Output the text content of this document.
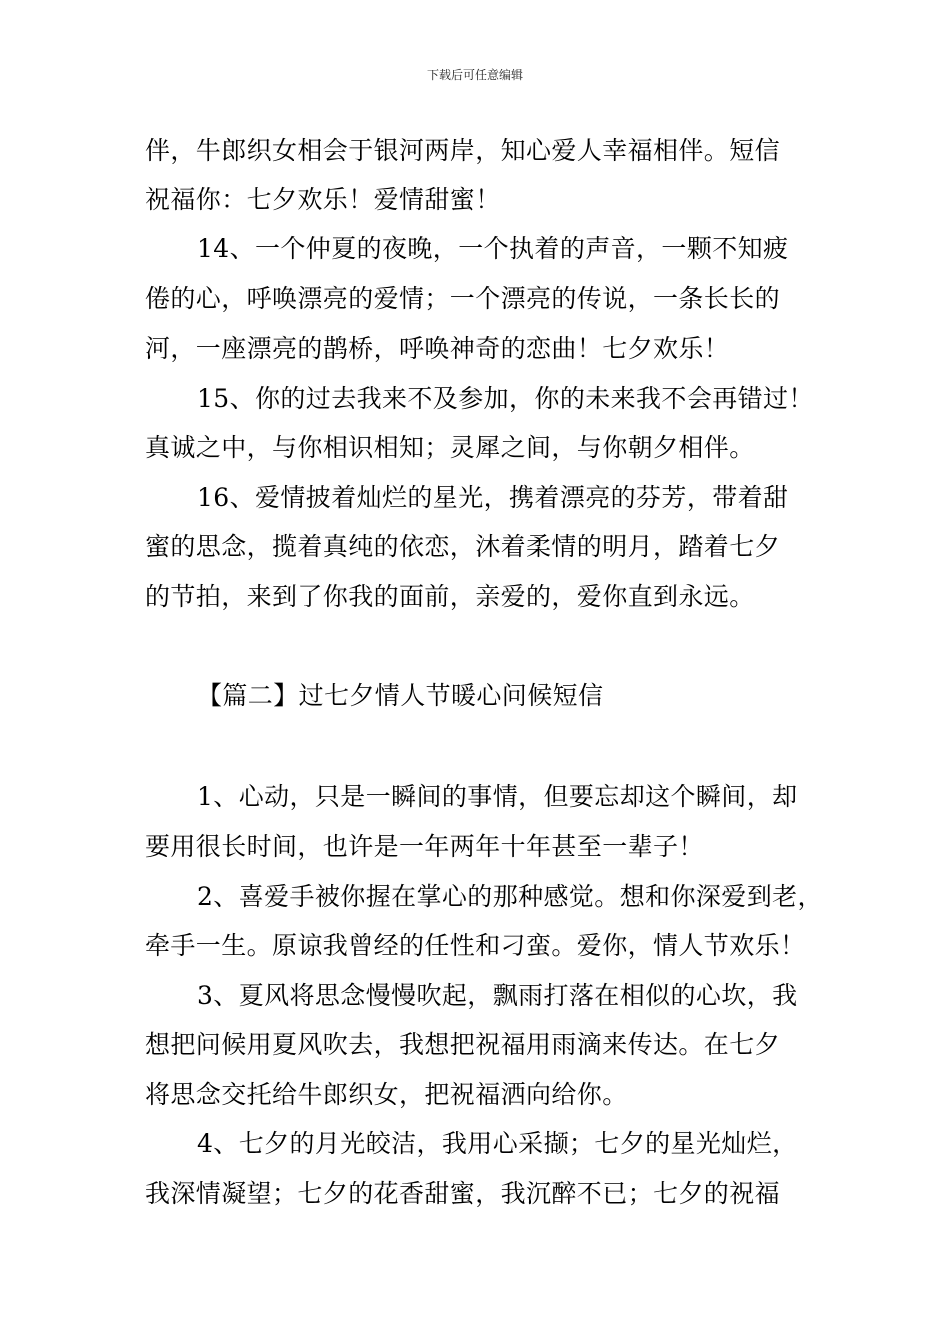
下载后可任意编辑
伴，牛郎织女相会于银河两岸，知心爱人幸福相伴。短信
祝福你：七夕欢乐！爱情甜蜜！
14、一个仲夏的夜晚，一个执着的声音，一颗不知疲
倦的心，呼唤漂亮的爱情；一个漂亮的传说，一条长长的
河，一座漂亮的鹊桥，呼唤神奇的恋曲！七夕欢乐！
15、你的过去我来不及参加，你的未来我不会再错过！
真诚之中，与你相识相知；灵犀之间，与你朝夕相伴。
16、爱情披着灿烂的星光，携着漂亮的芬芳，带着甜
蜜的思念，揽着真纯的依恋，沐着柔情的明月，踏着七夕
的节拍，来到了你我的面前，亲爱的，爱你直到永远。
【篇二】过七夕情人节暖心问候短信
1、心动，只是一瞬间的事情，但要忘却这个瞬间，却
要用很长时间，也许是一年两年十年甚至一辈子！
2、喜爱手被你握在掌心的那种感觉。想和你深爱到老，
牵手一生。原谅我曾经的任性和刁蛮。爱你，情人节欢乐！
3、夏风将思念慢慢吹起，飘雨打落在相似的心坎，我
想把问候用夏风吹去，我想把祝福用雨滴来传达。在七夕
将思念交托给牛郎织女，把祝福洒向给你。
4、七夕的月光皎洁，我用心采撷；七夕的星光灿烂，
我深情凝望；七夕的花香甜蜜，我沉醉不已；七夕的祝福
